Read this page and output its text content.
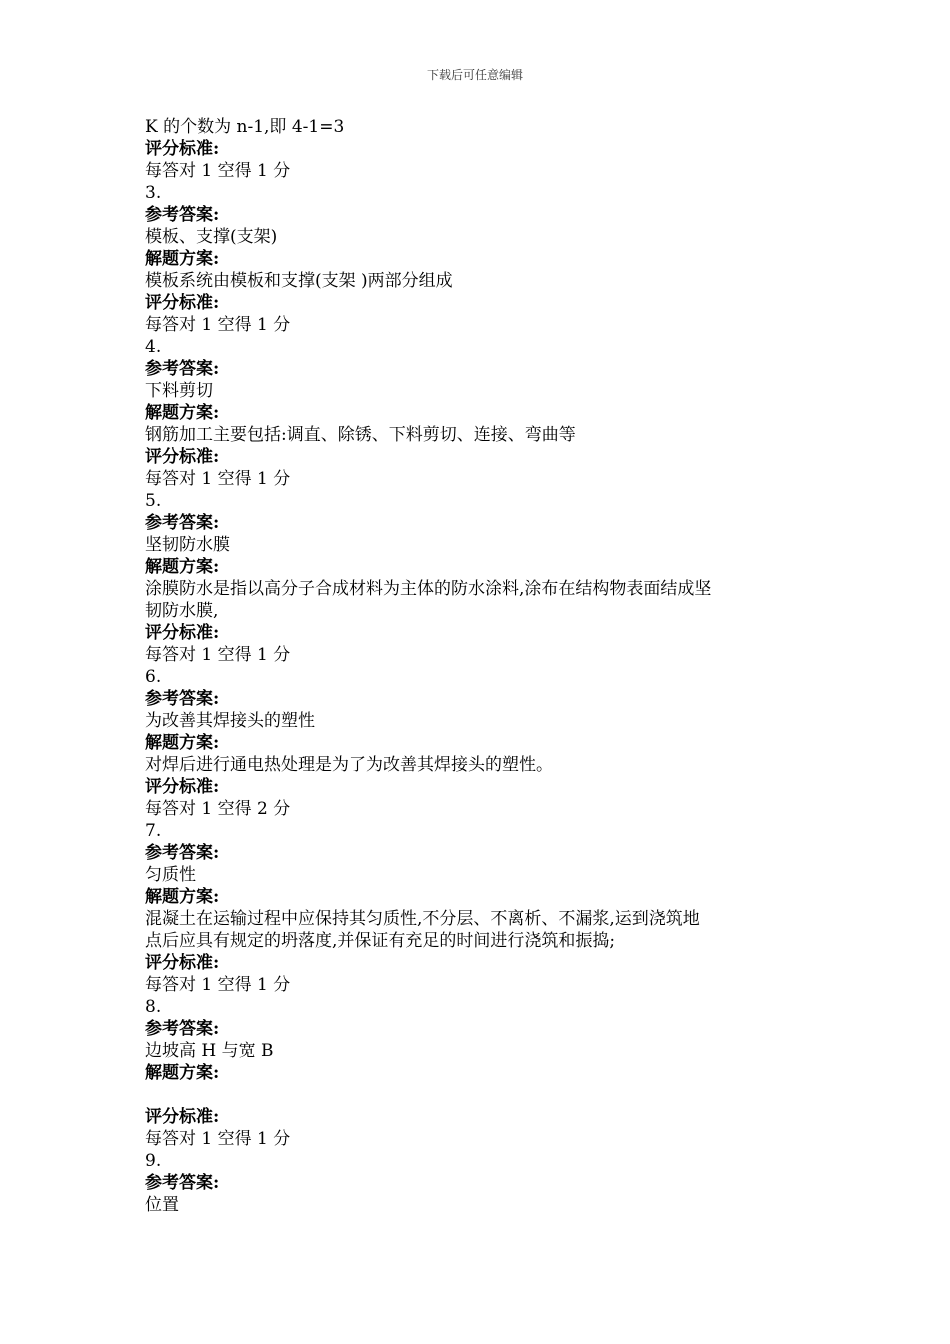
下载后可任意编辑

K 的个数为 n-1,即 4-1=3

评分标准:

每答对 1 空得 1 分

3.

参考答案:

模板、支撑(支架)

解题方案:

模板系统由模板和支撑(支架 )两部分组成

评分标准:

每答对 1 空得 1 分

4.

参考答案:

下料剪切

解题方案:

钢筋加工主要包括:调直、除锈、下料剪切、连接、弯曲等

评分标准:

每答对 1 空得 1 分

5.

参考答案:

坚韧防水膜

解题方案:

涂膜防水是指以高分子合成材料为主体的防水涂料,涂布在结构物表面结成坚

韧防水膜,

评分标准:

每答对 1 空得 1 分

6.

参考答案:

为改善其焊接头的塑性

解题方案:

对焊后进行通电热处理是为了为改善其焊接头的塑性。

评分标准:

每答对 1 空得 2 分

7.

参考答案:

匀质性

解题方案:

混凝土在运输过程中应保持其匀质性,不分层、不离析、不漏浆,运到浇筑地

点后应具有规定的坍落度,并保证有充足的时间进行浇筑和振捣;

评分标准:

每答对 1 空得 1 分

8.

参考答案:

边坡高 H 与宽 B

解题方案:

评分标准:

每答对 1 空得 1 分

9.

参考答案:

位置
